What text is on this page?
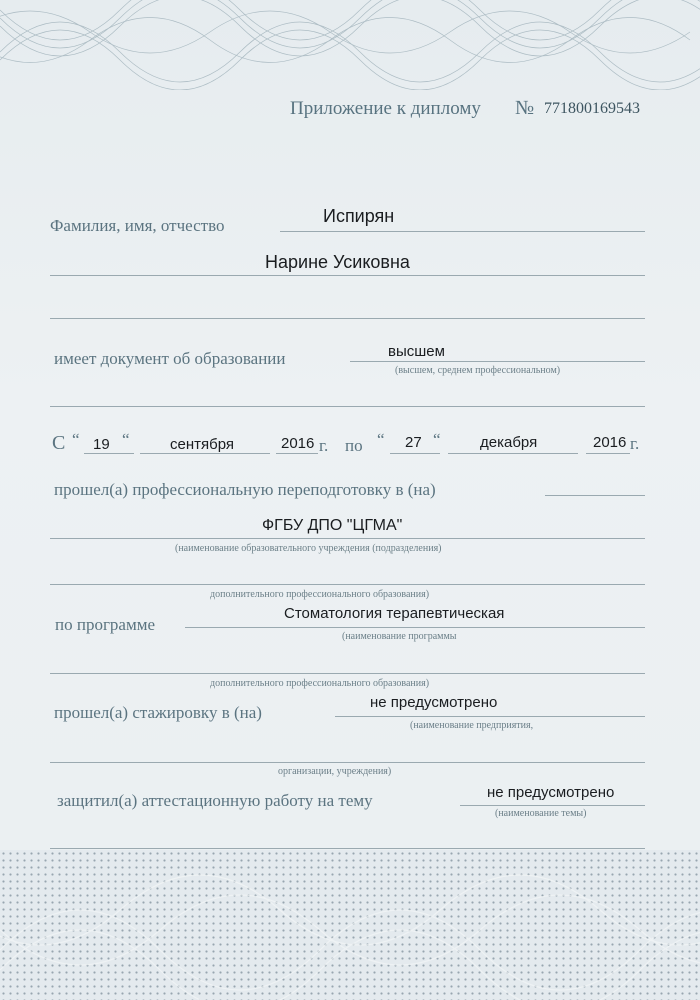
Приложение к диплому № 771800169543
Фамилия, имя, отчество	Испирян
Нарине Усиковна
имеет документ об образовании	высшем
(высшем, среднем профессиональном)
С “ 19 “	сентября	2016 г. по “ 27 “	декабря	2016 г.
прошел(а) профессиональную переподготовку в (на)
ФГБУ ДПО "ЦГМА"
(наименование образовательного учреждения (подразделения)
дополнительного профессионального образования)
по программе
Стоматология терапевтическая
(наименование программы
дополнительного профессионального образования)
прошел(а) стажировку в (на)
не предусмотрено
(наименование предприятия,
организации, учреждения)
защитил(а) аттестационную работу на тему	не предусмотрено
(наименование темы)
